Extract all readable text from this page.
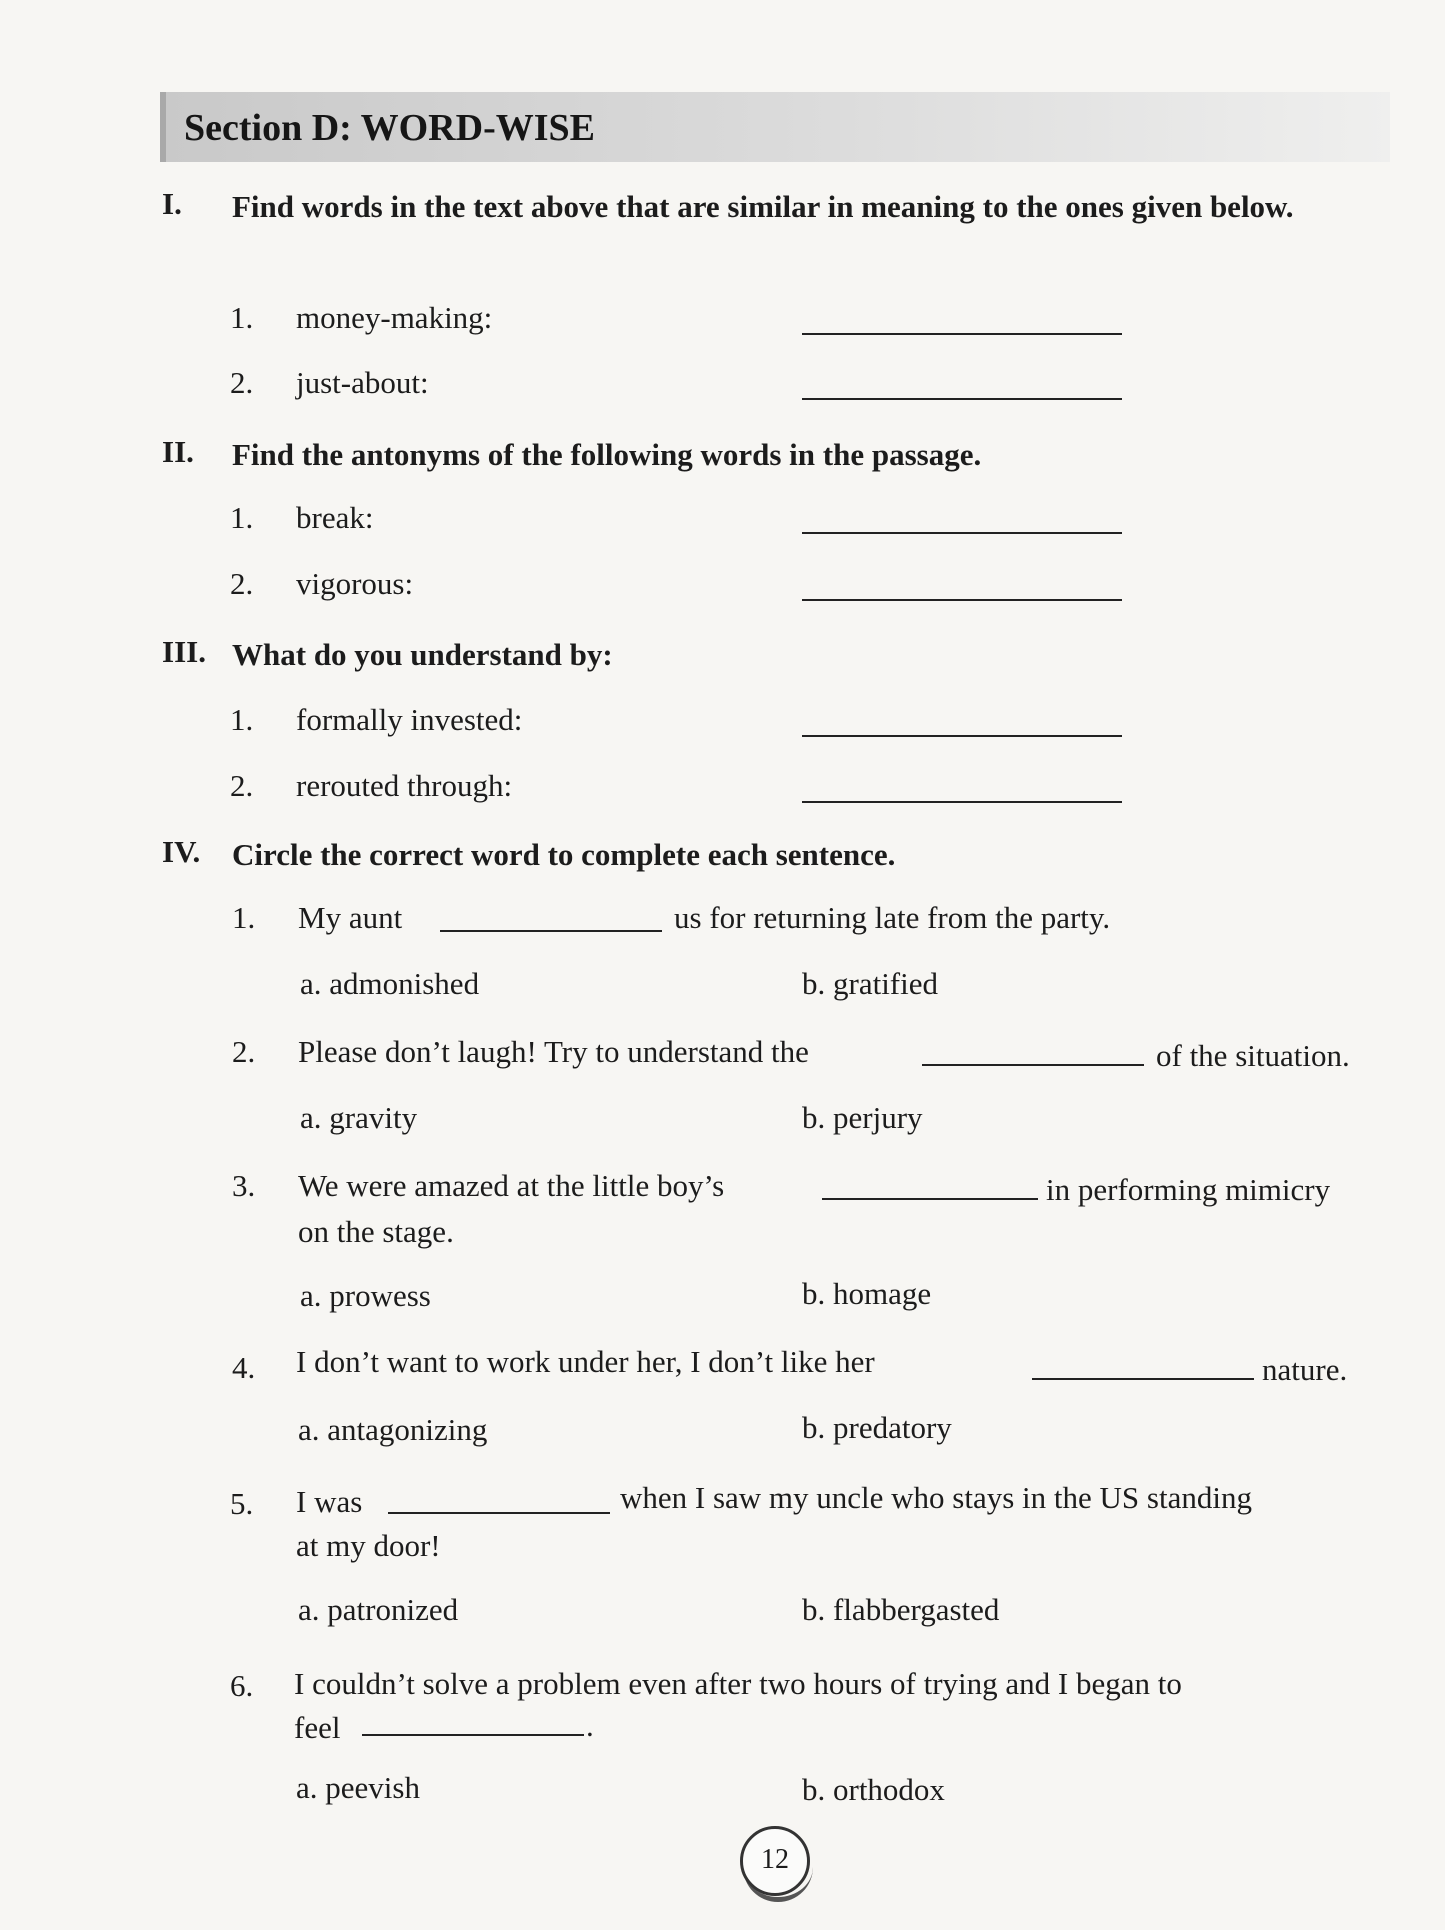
Section D: WORD-WISE
I. Find words in the text above that are similar in meaning to the ones given below.
1. money-making:
2. just-about:
II. Find the antonyms of the following words in the passage.
1. break:
2. vigorous:
III. What do you understand by:
1. formally invested:
2. rerouted through:
IV. Circle the correct word to complete each sentence.
1. My aunt	us for returning late from the party.
a. admonished	b. gratified
2. Please don’t laugh! Try to understand the	of the situation.
a. gravity	b. perjury
3. We were amazed at the little boy’s	in performing mimicry
on the stage.
a. prowess	b. homage
4. I don’t want to work under her, I don’t like her	nature.
a. antagonizing	b. predatory
5. I was	when I saw my uncle who stays in the US standing
at my door!
a. patronized	b. flabbergasted
6. I couldn’t solve a problem even after two hours of trying and I began to
feel	.
a. peevish	b. orthodox
12
